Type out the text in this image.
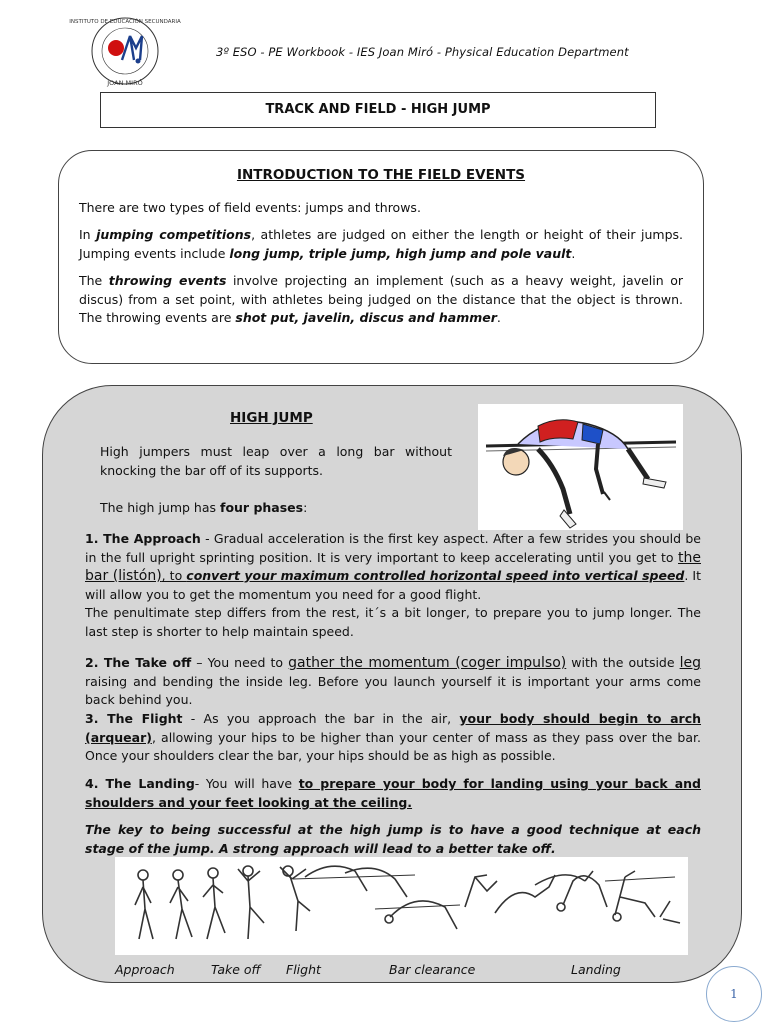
INSTITUTO DE EDUCACIÓN SECUNDARIA
JOAN MIRÓ
3º ESO - PE Workbook - IES Joan Miró - Physical Education Department
TRACK AND FIELD - HIGH JUMP
INTRODUCTION TO THE FIELD EVENTS

There are two types of field events: jumps and throws.

In jumping competitions, athletes are judged on either the length or height of their jumps. Jumping events include long jump, triple jump, high jump and pole vault.

The throwing events involve projecting an implement (such as a heavy weight, javelin or discus) from a set point, with athletes being judged on the distance that the object is thrown. The throwing events are shot put, javelin, discus and hammer.

HIGH JUMP
High jumpers must leap over a long bar without knocking the bar off of its supports.
The high jump has four phases:
1. The Approach - Gradual acceleration is the first key aspect. After a few strides you should be in the full upright sprinting position. It is very important to keep accelerating until you get to the bar (listón), to convert your maximum controlled horizontal speed into vertical speed. It will allow you to get the momentum you need for a good flight.
The penultimate step differs from the rest, it´s a bit longer, to prepare you to jump longer. The last step is shorter to help maintain speed.
2. The Take off – You need to gather the momentum (coger impulso) with the outside leg raising and bending the inside leg. Before you launch yourself it is important your arms come back behind you.
3. The Flight - As you approach the bar in the air, your body should begin to arch (arquear), allowing your hips to be higher than your center of mass as they pass over the bar. Once your shoulders clear the bar, your hips should be as high as possible.
4. The Landing- You will have to prepare your body for landing using your back and shoulders and your feet looking at the ceiling.
The key to being successful at the high jump is to have a good technique at each stage of the jump. A strong approach will lead to a better take off.
Approach	Take off Flight	Bar clearance	Landing
1
